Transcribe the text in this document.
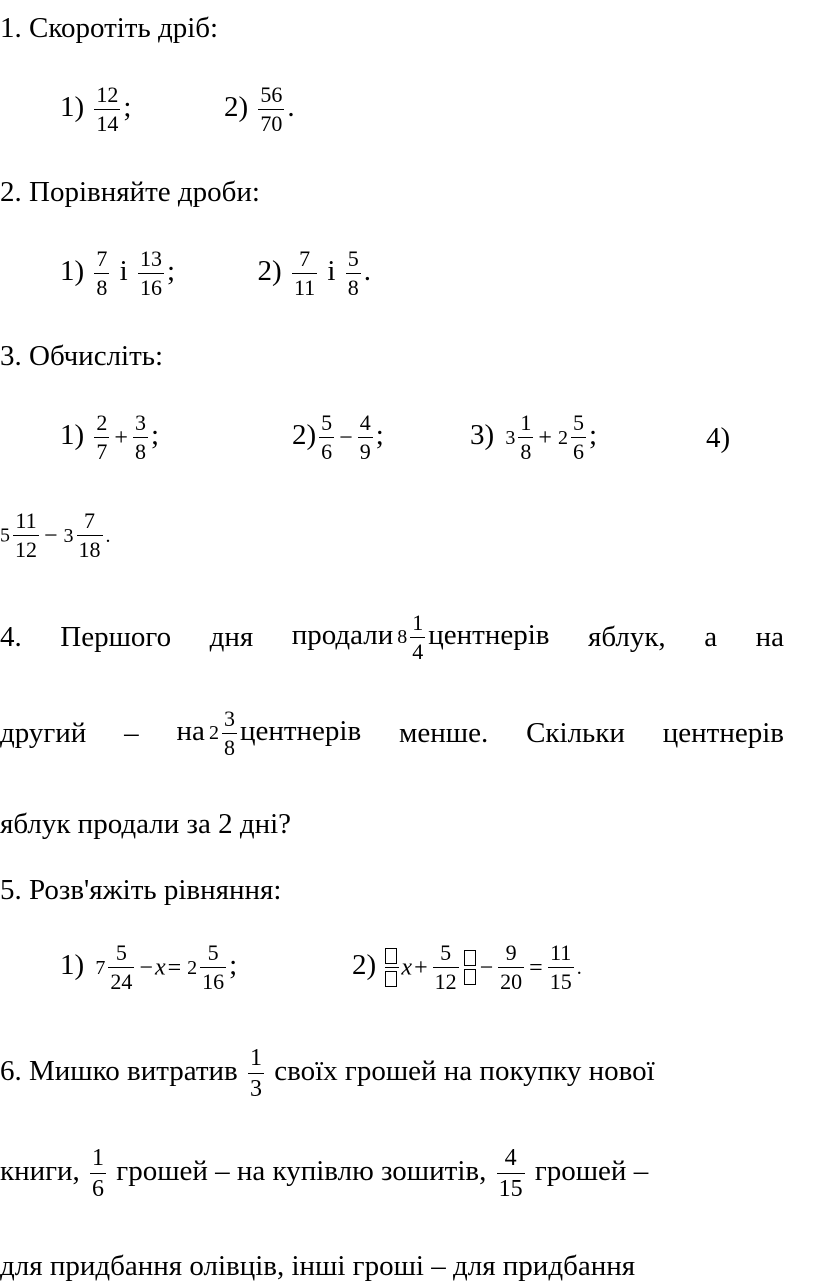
1. Скоротіть дріб:
$1) \frac{12}{14}$ ;	$2) \frac{56}{70}$ .
2. Порівняйте дроби:
$1) \frac{7}{8}$ і $\frac{13}{16}$ ;	$2) \frac{7}{11}$ і $\frac{5}{8}$ .
3. Обчисліть:
$1) \frac{2}{7} + \frac{3}{8}$ ;	$2) \frac{5}{6} - \frac{4}{9}$ ;	3) $3 \frac{1}{8} + 2 \frac{5}{6}$ ;	4)
$5 \frac{11}{12} - 3 \frac{7}{18}$ .
4. Першого дня продали $8 \frac{1}{4}$ центнерів яблук, а на
другий – на $2 \frac{3}{8}$ центнерів менше. Скільки центнерів
яблук продали за 2 дні?
5. Розв'яжіть рівняння:
1) $7 \frac{5}{24} -x= 2 \frac{5}{16}$ ;	2) $x+ \frac{5}{12} - \frac{9}{20} = \frac{11}{15}$ .
6. Мишко витратив $\frac{1}{3}$ своїх грошей на покупку нової
книги, $\frac{1}{6}$ грошей – на купівлю зошитів, $\frac{4}{15}$ грошей –
для придбання олівців, інші гроші – для придбання
